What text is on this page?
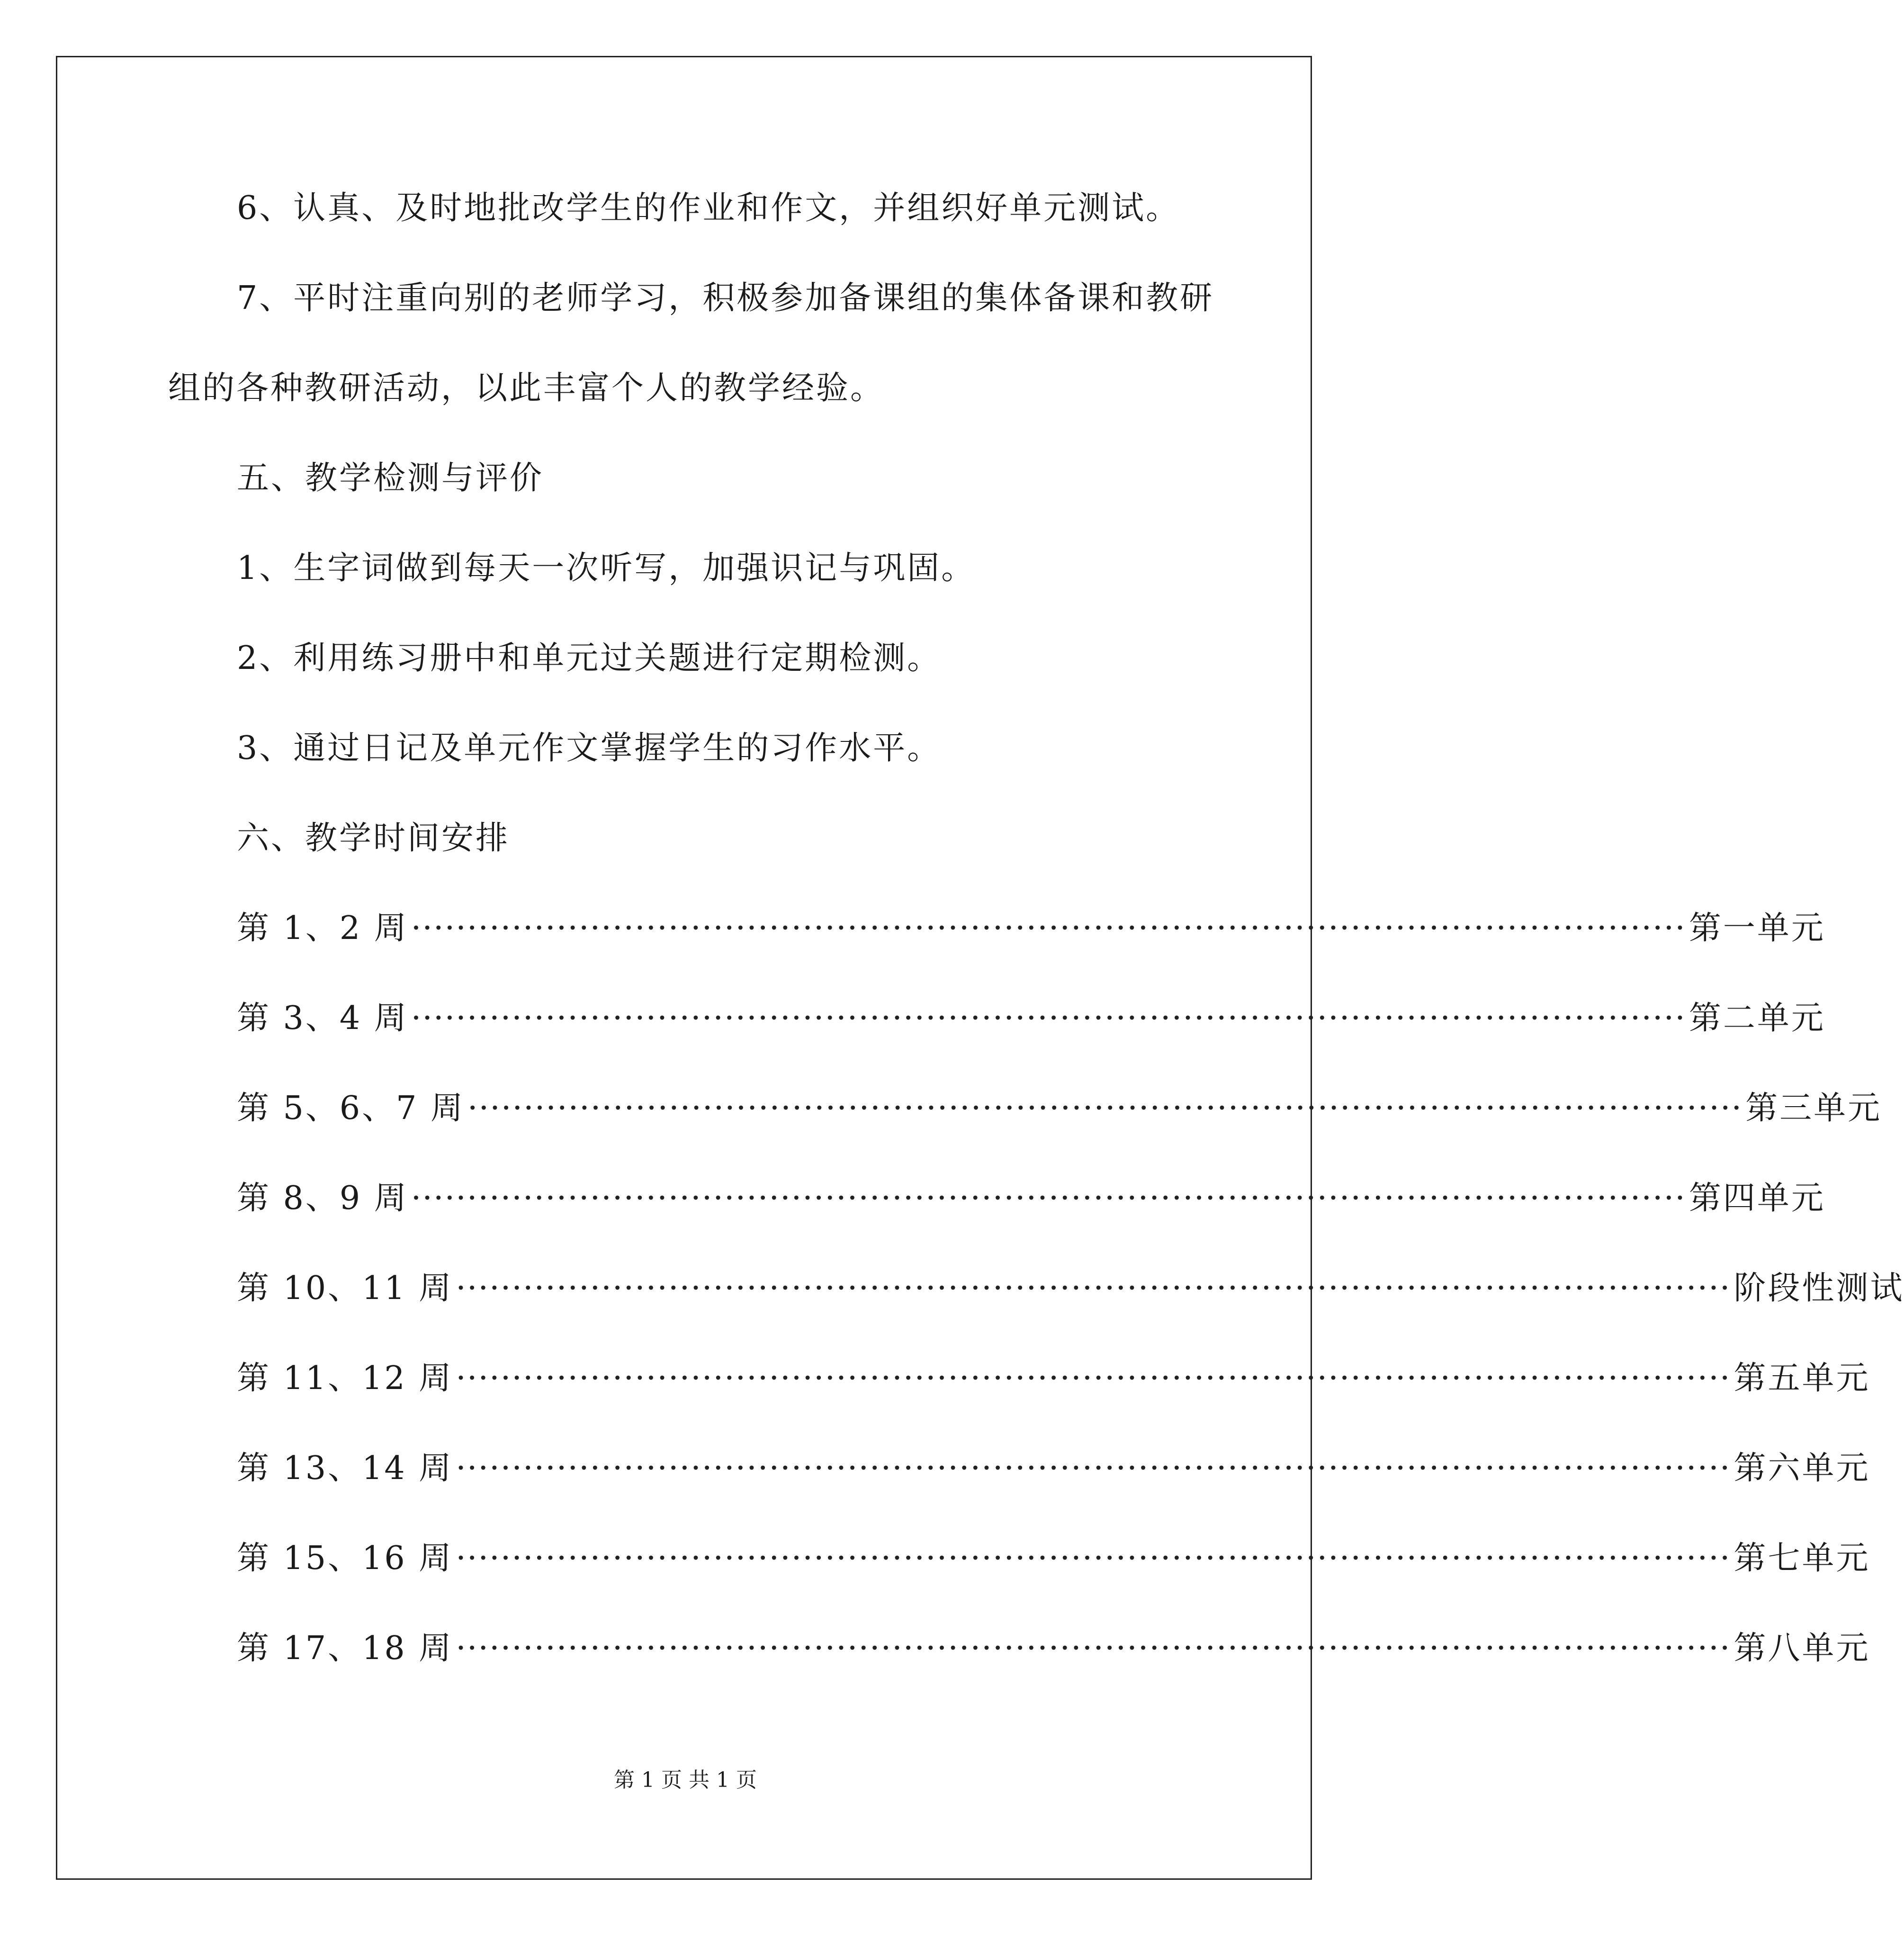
6、认真、及时地批改学生的作业和作文，并组织好单元测试。
7、平时注重向别的老师学习，积极参加备课组的集体备课和教研
组的各种教研活动，以此丰富个人的教学经验。
五、教学检测与评价
1、生字词做到每天一次听写，加强识记与巩固。
2、利用练习册中和单元过关题进行定期检测。
3、通过日记及单元作文掌握学生的习作水平。
六、教学时间安排
第 1、2 周 ·················································································································· 第一单元
第 3、4 周 ·················································································································· 第二单元
第 5、6、7 周 ·················································································································· 第三单元
第 8、9 周 ·················································································································· 第四单元
第 10、11 周 ·················································································································· 阶段性测试
第 11、12 周 ·················································································································· 第五单元
第 13、14 周 ·················································································································· 第六单元
第 15、16 周 ·················································································································· 第七单元
第 17、18 周 ·················································································································· 第八单元
第 1 页 共 1 页
